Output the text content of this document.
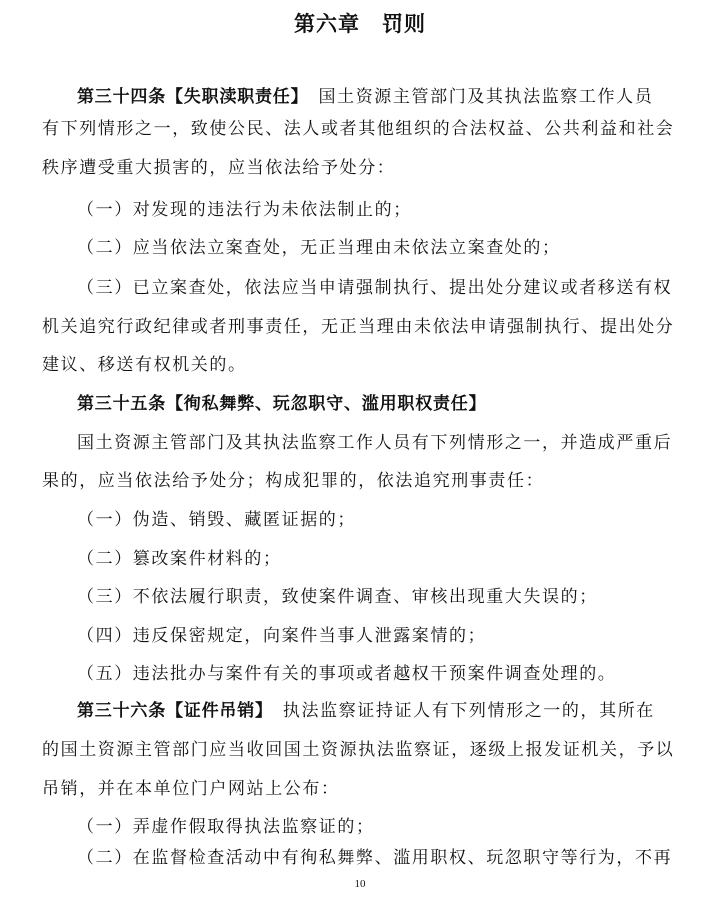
第六章　罚则
第三十四条【失职渎职责任】　国土资源主管部门及其执法监察工作人员
有下列情形之一，致使公民、法人或者其他组织的合法权益、公共利益和社会
秩序遭受重大损害的，应当依法给予处分：
（一）对发现的违法行为未依法制止的；
（二）应当依法立案查处，无正当理由未依法立案查处的；
（三）已立案查处，依法应当申请强制执行、提出处分建议或者移送有权
机关追究行政纪律或者刑事责任，无正当理由未依法申请强制执行、提出处分
建议、移送有权机关的。
第三十五条【徇私舞弊、玩忽职守、滥用职权责任】
国土资源主管部门及其执法监察工作人员有下列情形之一，并造成严重后
果的，应当依法给予处分；构成犯罪的，依法追究刑事责任：
（一）伪造、销毁、藏匿证据的；
（二）篡改案件材料的；
（三）不依法履行职责，致使案件调查、审核出现重大失误的；
（四）违反保密规定，向案件当事人泄露案情的；
（五）违法批办与案件有关的事项或者越权干预案件调查处理的。
第三十六条【证件吊销】　执法监察证持证人有下列情形之一的，其所在
的国土资源主管部门应当收回国土资源执法监察证，逐级上报发证机关，予以
吊销，并在本单位门户网站上公布：
（一）弄虚作假取得执法监察证的；
（二）在监督检查活动中有徇私舞弊、滥用职权、玩忽职守等行为，不再
10
